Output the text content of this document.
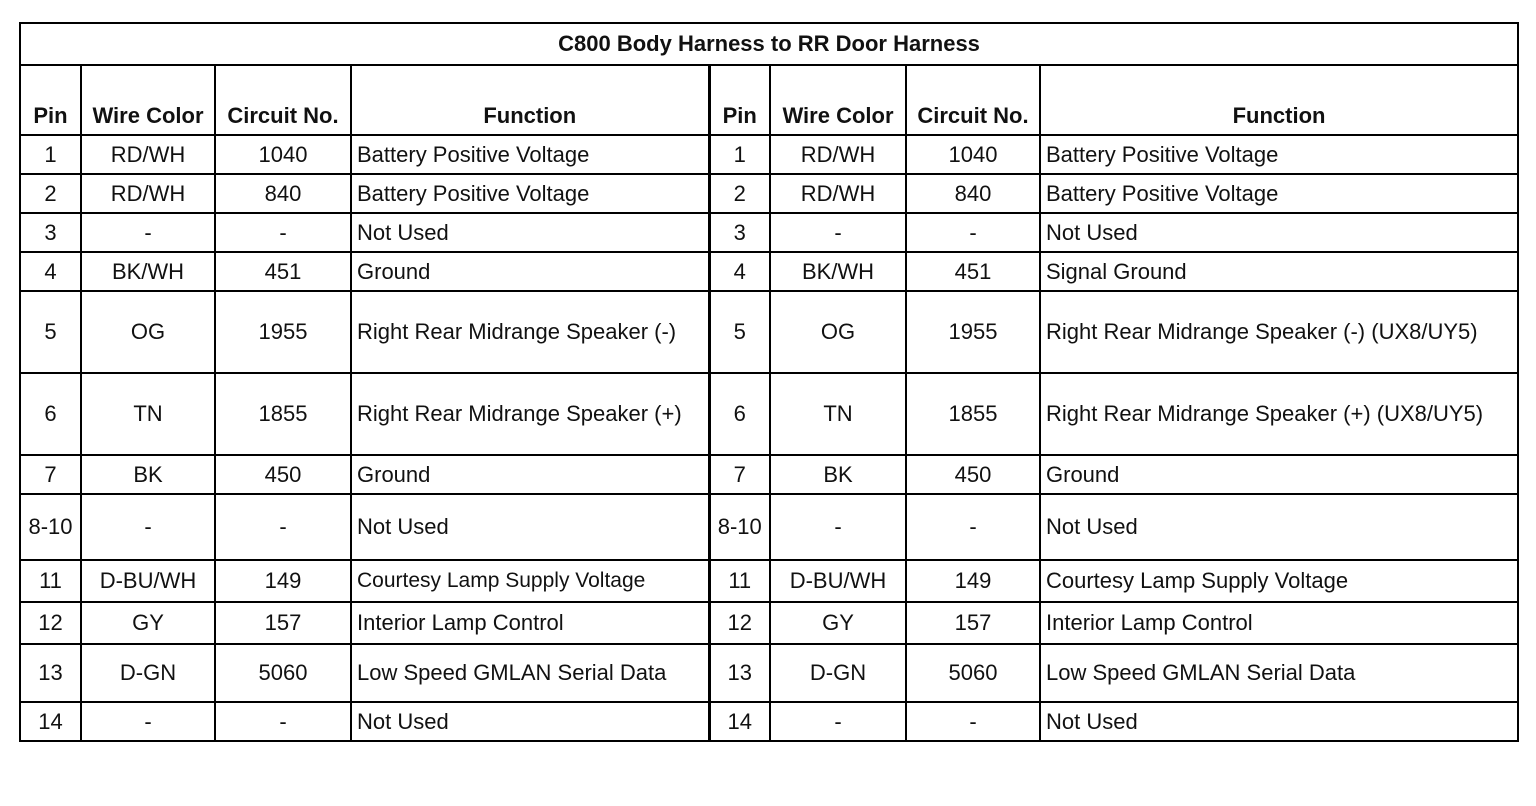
C800 Body Harness to RR Door Harness							
Pin	Wire Color	Circuit No.	Function	Pin	Wire Color	Circuit No.	Function
1	RD/WH	1040	Battery Positive Voltage	1	RD/WH	1040	Battery Positive Voltage
2	RD/WH	840	Battery Positive Voltage	2	RD/WH	840	Battery Positive Voltage
3	-	-	Not Used	3	-	-	Not Used
4	BK/WH	451	Ground	4	BK/WH	451	Signal Ground
5	OG	1955	Right Rear Midrange Speaker (-)	5	OG	1955	Right Rear Midrange Speaker (-) (UX8/UY5)
6	TN	1855	Right Rear Midrange Speaker (+)	6	TN	1855	Right Rear Midrange Speaker (+) (UX8/UY5)
7	BK	450	Ground	7	BK	450	Ground
8-10	-	-	Not Used	8-10	-	-	Not Used
11	D-BU/WH	149	Courtesy Lamp Supply Voltage	11	D-BU/WH	149	Courtesy Lamp Supply Voltage
12	GY	157	Interior Lamp Control	12	GY	157	Interior Lamp Control
13	D-GN	5060	Low Speed GMLAN Serial Data	13	D-GN	5060	Low Speed GMLAN Serial Data
14	-	-	Not Used	14	-	-	Not Used
